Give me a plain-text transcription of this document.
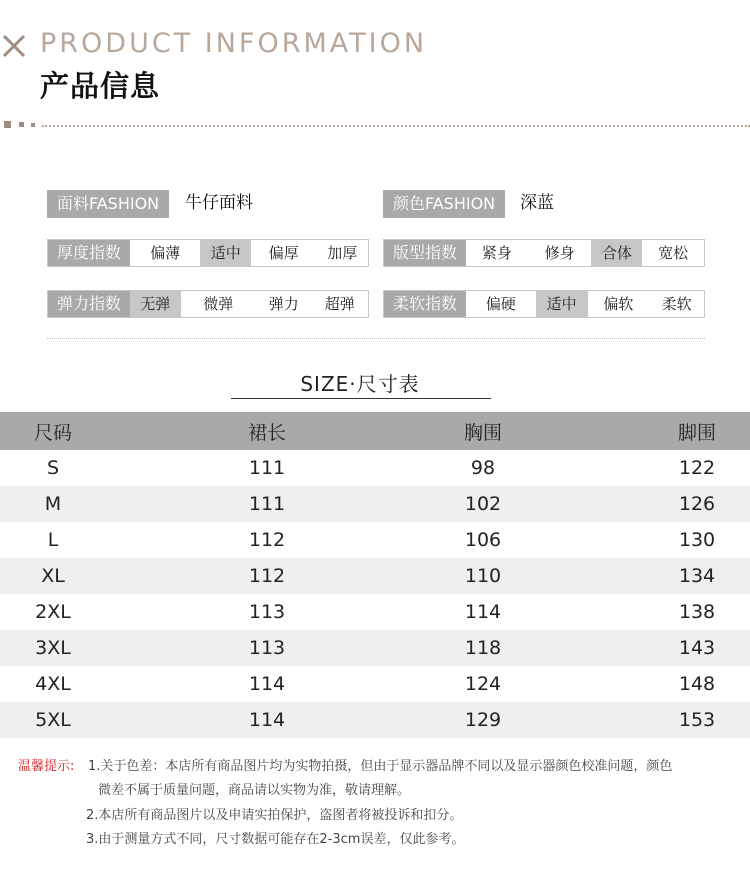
PRODUCT INFORMATION
产品信息
面料FASHION	牛仔面料	颜色FASHION	深蓝
厚度指数	偏薄	适中	偏厚	加厚	版型指数	紧身	修身	合体	宽松
弹力指数	无弹	微弹	弹力	超弹	柔软指数	偏硬	适中	偏软	柔软
SIZE·尺寸表
尺码	裙长	胸围	脚围
S	111	98	122
M	111	102	126
L	112	106	130
XL	112	110	134
2XL	113	114	138
3XL	113	118	143
4XL	114	124	148
5XL	114	129	153
温馨提示: 1.关于色差：本店所有商品图片均为实物拍摄，但由于显示器品牌不同以及显示器颜色校准问题，颜色
微差不属于质量问题，商品请以实物为准，敬请理解。
2.本店所有商品图片以及申请实拍保护，盗图者将被投诉和扣分。
3.由于测量方式不同，尺寸数据可能存在2-3cm误差，仅此参考。
